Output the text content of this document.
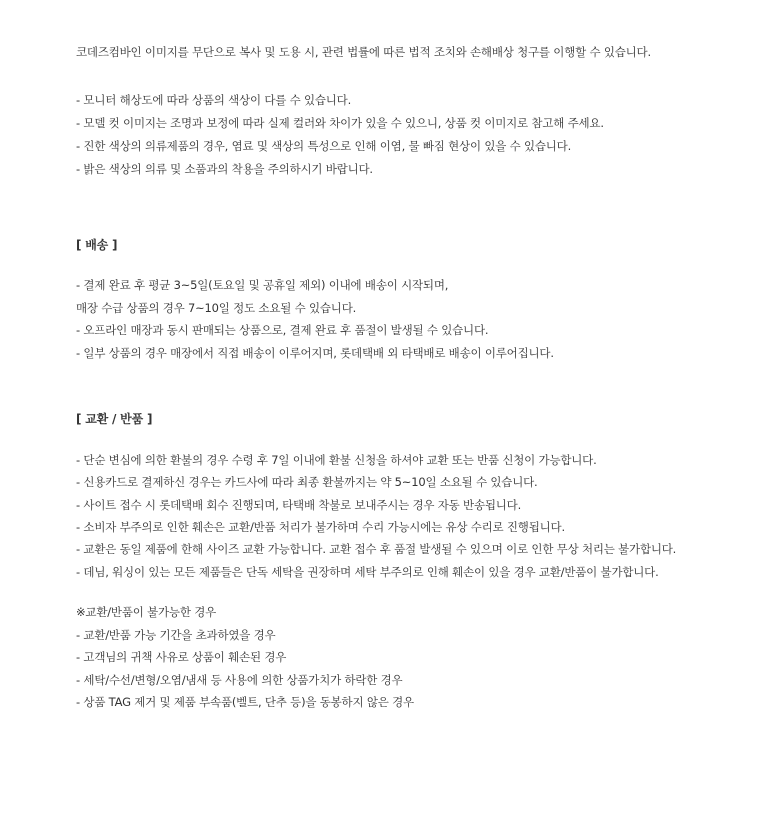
코데즈컴바인 이미지를 무단으로 복사 및 도용 시, 관련 법률에 따른 법적 조치와 손해배상 청구를 이행할 수 있습니다.
- 모니터 해상도에 따라 상품의 색상이 다를 수 있습니다.
- 모델 컷 이미지는 조명과 보정에 따라 실제 컬러와 차이가 있을 수 있으니, 상품 컷 이미지로 참고해 주세요.
- 진한 색상의 의류제품의 경우, 염료 및 색상의 특성으로 인해 이염, 물 빠짐 현상이 있을 수 있습니다.
- 밝은 색상의 의류 및 소품과의 착용을 주의하시기 바랍니다.
[ 배송 ]
- 결제 완료 후 평균 3~5일(토요일 및 공휴일 제외) 이내에 배송이 시작되며,
매장 수급 상품의 경우 7~10일 정도 소요될 수 있습니다.
- 오프라인 매장과 동시 판매되는 상품으로, 결제 완료 후 품절이 발생될 수 있습니다.
- 일부 상품의 경우 매장에서 직접 배송이 이루어지며, 롯데택배 외 타택배로 배송이 이루어집니다.
[ 교환 / 반품 ]
- 단순 변심에 의한 환불의 경우 수령 후 7일 이내에 환불 신청을 하셔야 교환 또는 반품 신청이 가능합니다.
- 신용카드로 결제하신 경우는 카드사에 따라 최종 환불까지는 약 5~10일 소요될 수 있습니다.
- 사이트 접수 시 롯데택배 회수 진행되며, 타택배 착불로 보내주시는 경우 자동 반송됩니다.
- 소비자 부주의로 인한 훼손은 교환/반품 처리가 불가하며 수리 가능시에는 유상 수리로 진행됩니다.
- 교환은 동일 제품에 한해 사이즈 교환 가능합니다. 교환 접수 후 품절 발생될 수 있으며 이로 인한 무상 처리는 불가합니다.
- 데님, 워싱이 있는 모든 제품들은 단독 세탁을 권장하며 세탁 부주의로 인해 훼손이 있을 경우 교환/반품이 불가합니다.
※교환/반품이 불가능한 경우
- 교환/반품 가능 기간을 초과하였을 경우
- 고객님의 귀책 사유로 상품이 훼손된 경우
- 세탁/수선/변형/오염/냄새 등 사용에 의한 상품가치가 하락한 경우
- 상품 TAG 제거 및 제품 부속품(벨트, 단추 등)을 동봉하지 않은 경우
